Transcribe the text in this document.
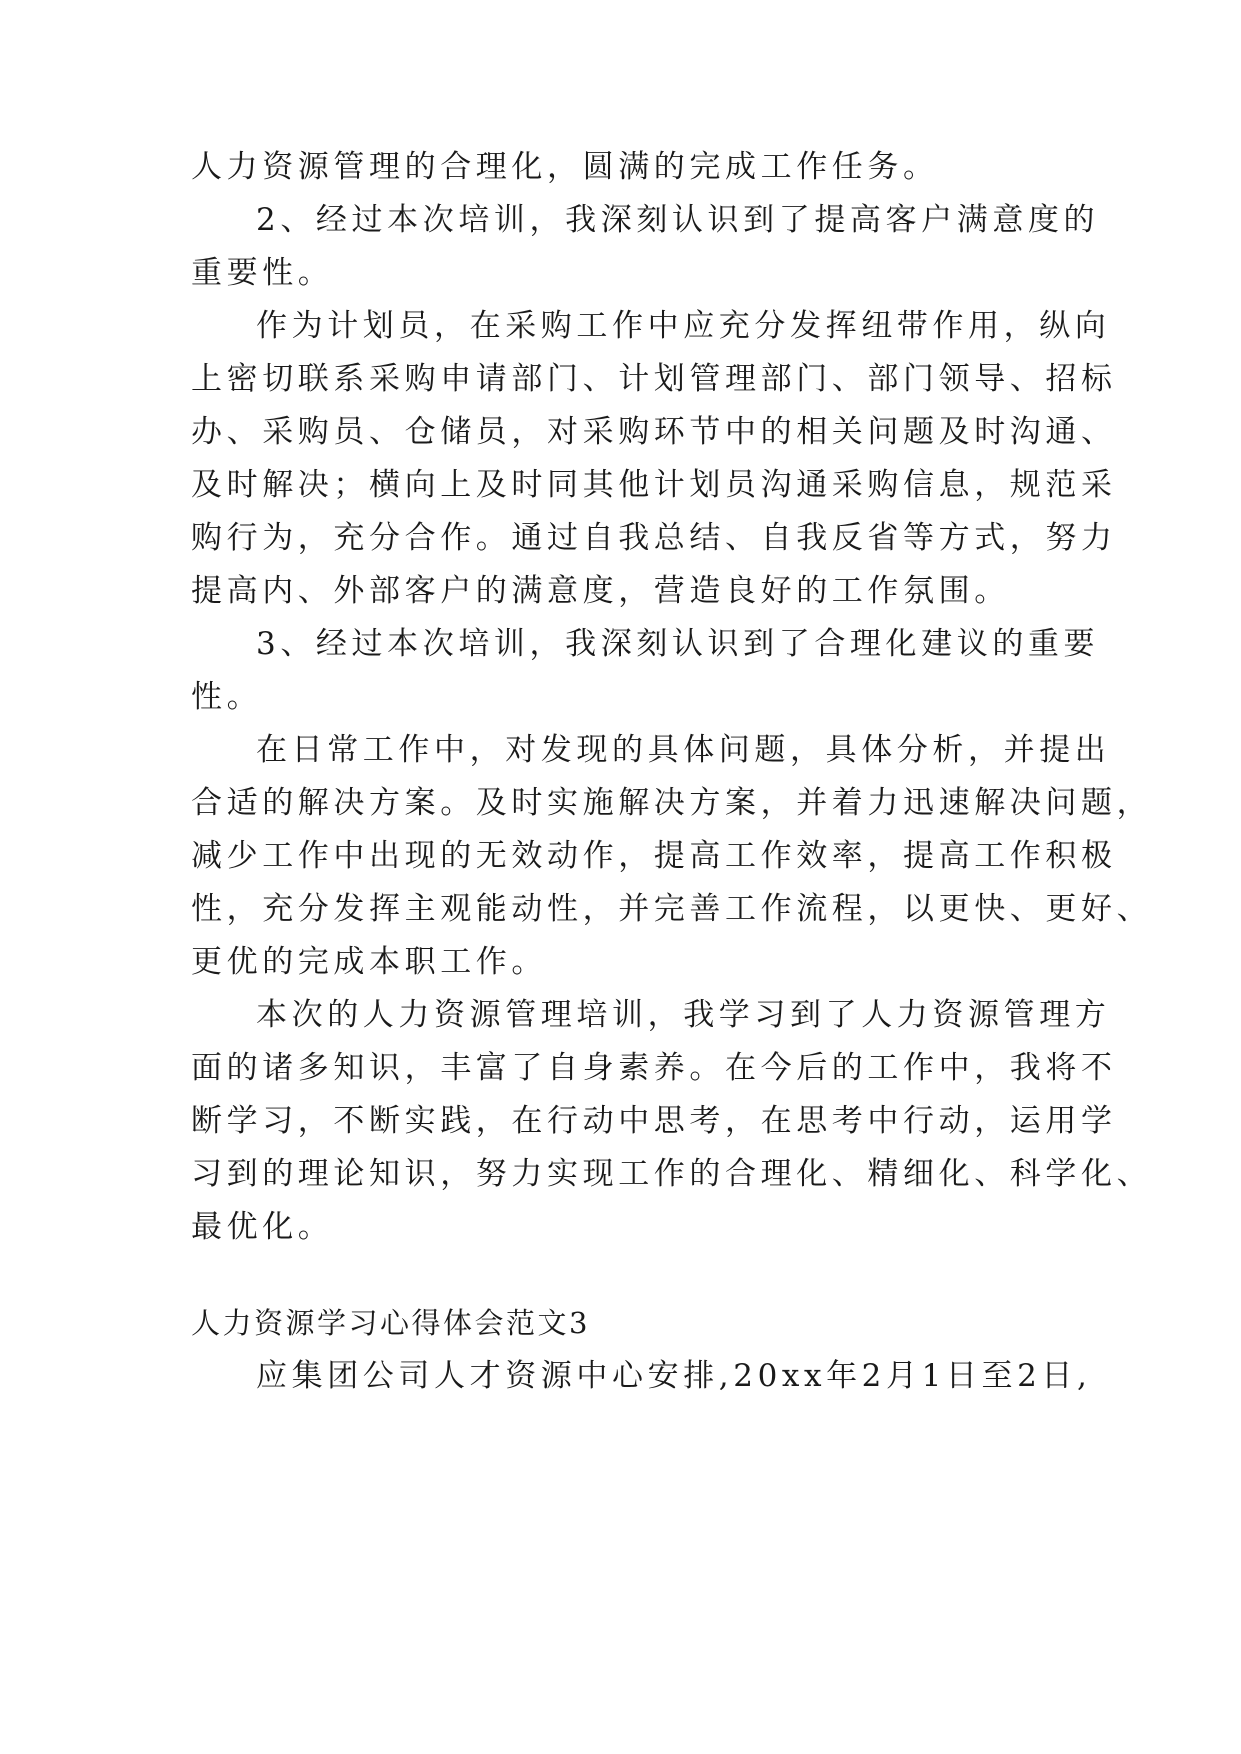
人力资源管理的合理化，圆满的完成工作任务。
2、经过本次培训，我深刻认识到了提高客户满意度的
重要性。
作为计划员，在采购工作中应充分发挥纽带作用，纵向
上密切联系采购申请部门、计划管理部门、部门领导、招标
办、采购员、仓储员，对采购环节中的相关问题及时沟通、
及时解决；横向上及时同其他计划员沟通采购信息，规范采
购行为，充分合作。通过自我总结、自我反省等方式，努力
提高内、外部客户的满意度，营造良好的工作氛围。
3、经过本次培训，我深刻认识到了合理化建议的重要
性。
在日常工作中，对发现的具体问题，具体分析，并提出
合适的解决方案。及时实施解决方案，并着力迅速解决问题，
减少工作中出现的无效动作，提高工作效率，提高工作积极
性，充分发挥主观能动性，并完善工作流程，以更快、更好、
更优的完成本职工作。
本次的人力资源管理培训，我学习到了人力资源管理方
面的诸多知识，丰富了自身素养。在今后的工作中，我将不
断学习，不断实践，在行动中思考，在思考中行动，运用学
习到的理论知识，努力实现工作的合理化、精细化、科学化、
最优化。
人力资源学习心得体会范文3
应集团公司人才资源中心安排,20xx年2月1日至2日,
